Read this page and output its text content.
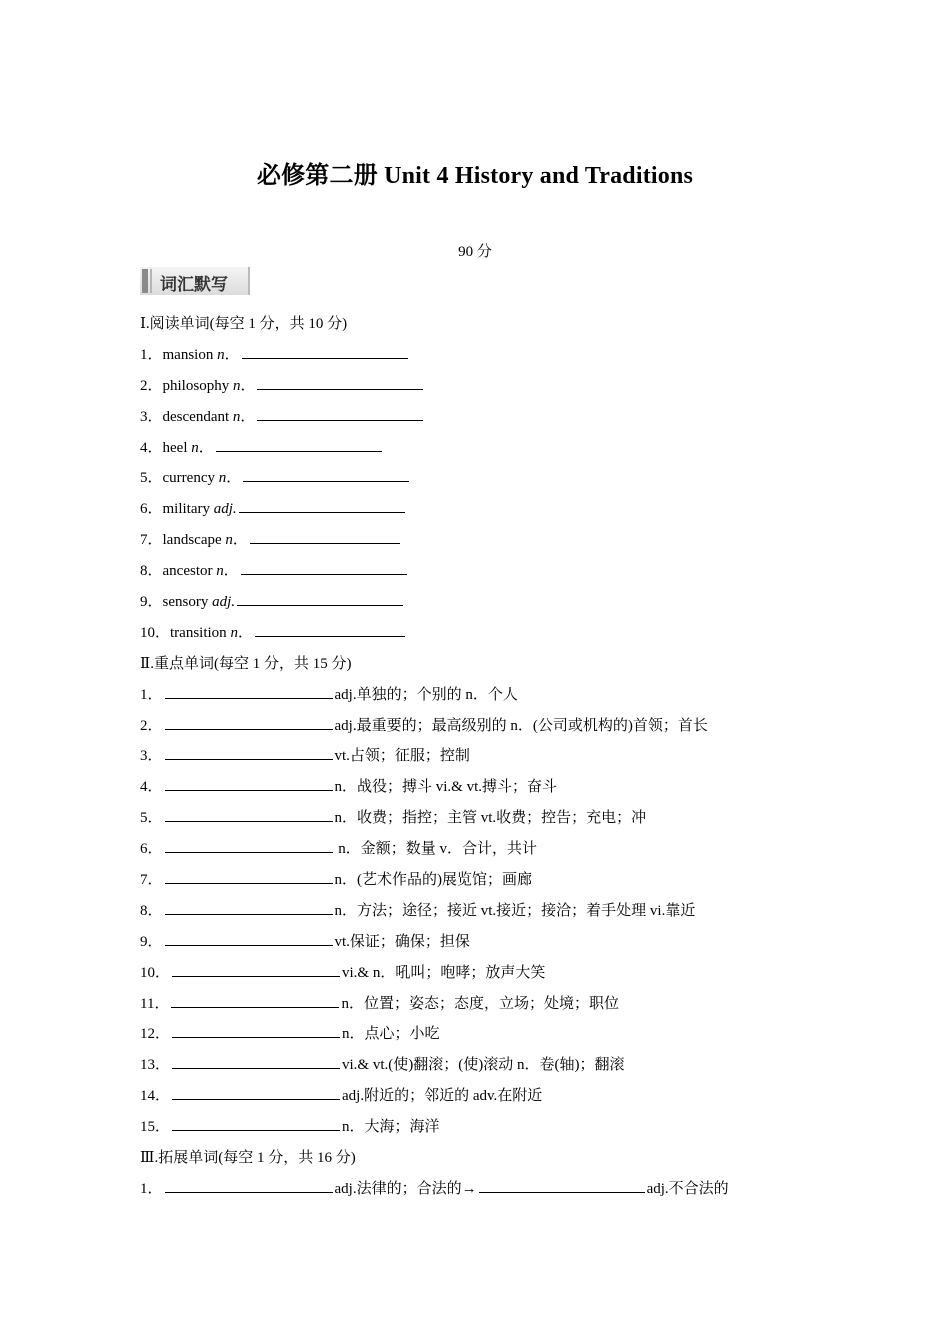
必修第二册 Unit 4 History and Traditions
90 分
词汇默写
Ⅰ.阅读单词(每空 1 分，共 10 分)
1．mansion n．
2．philosophy n．
3．descendant n．
4．heel n．
5．currency n．
6．military adj.
7．landscape n．
8．ancestor n．
9．sensory adj.
10．transition n．
Ⅱ.重点单词(每空 1 分，共 15 分)
1．	adj.单独的；个别的 n．个人
2．	adj.最重要的；最高级别的 n．(公司或机构的)首领；首长
3．	vt.占领；征服；控制
4．	n．战役；搏斗 vi.& vt.搏斗；奋斗
5．	n．收费；指控；主管 vt.收费；控告；充电；冲
6．	n．金额；数量 v．合计，共计
7．	n．(艺术作品的)展览馆；画廊
8．	n．方法；途径；接近 vt.接近；接洽；着手处理 vi.靠近
9．	vt.保证；确保；担保
10．	vi.& n．吼叫；咆哮；放声大笑
11．	n．位置；姿态；态度，立场；处境；职位
12．	n．点心；小吃
13．	vi.& vt.(使)翻滚；(使)滚动 n．卷(轴)；翻滚
14．	adj.附近的；邻近的 adv.在附近
15．	n．大海；海洋
Ⅲ.拓展单词(每空 1 分，共 16 分)
1．	adj.法律的；合法的→	adj.不合法的
